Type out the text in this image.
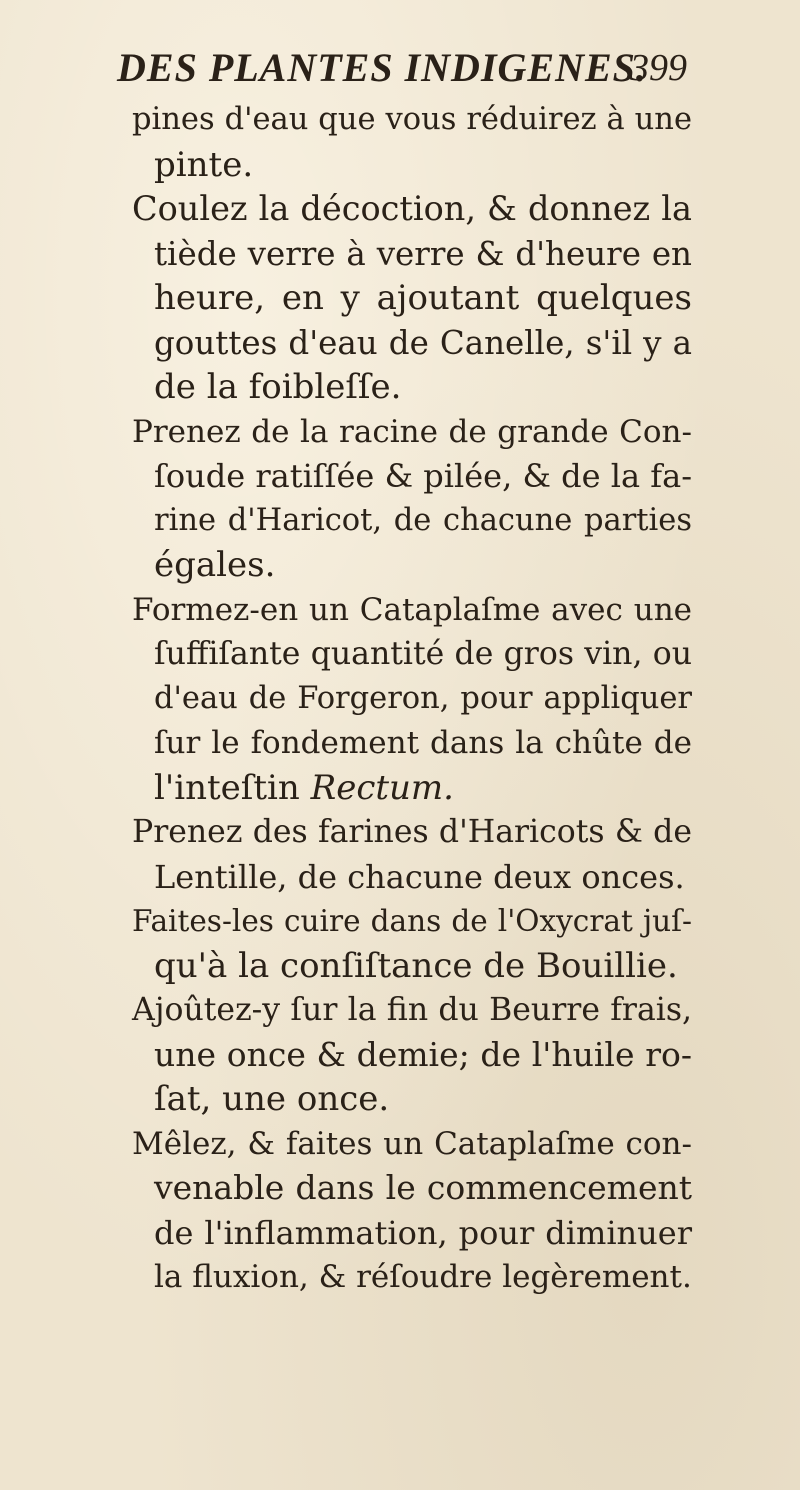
DES PLANTES INDIGENES.
399
pines d'eau que vous réduirez à une
pinte.
Coulez la décoction, & donnez la
tiède verre à verre & d'heure en
heure, en y ajoutant quelques
gouttes d'eau de Canelle, s'il y a
de la foibleſſe.
Prenez de la racine de grande Con-
ſoude ratiſſée & pilée, & de la fa-
rine d'Haricot, de chacune parties
égales.
Formez-en un Cataplaſme avec une
ſuffiſante quantité de gros vin, ou
d'eau de Forgeron, pour appliquer
ſur le fondement dans la chûte de
l'inteſtin Rectum.
Prenez des farines d'Haricots & de
Lentille, de chacune deux onces.
Faites-les cuire dans de l'Oxycrat juſ-
qu'à la conſiſtance de Bouillie.
Ajoûtez-y ſur la fin du Beurre frais,
une once & demie; de l'huile ro-
ſat, une once.
Mêlez, & faites un Cataplaſme con-
venable dans le commencement
de l'inflammation, pour diminuer
la fluxion, & réſoudre legèrement.
